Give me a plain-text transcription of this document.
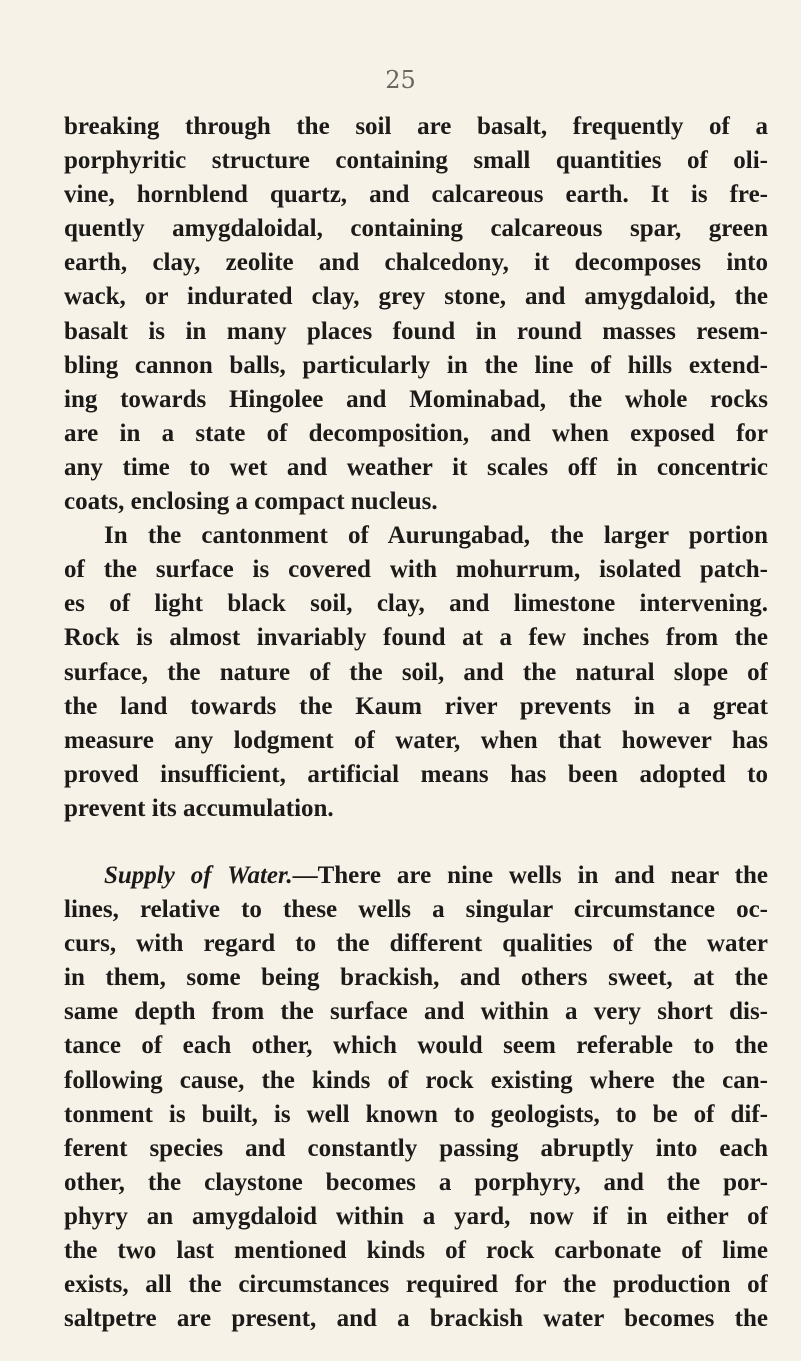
25
breaking through the soil are basalt, frequently of a
porphyritic structure containing small quantities of oli-
vine, hornblend quartz, and calcareous earth. It is fre-
quently amygdaloidal, containing calcareous spar, green
earth, clay, zeolite and chalcedony, it decomposes into
wack, or indurated clay, grey stone, and amygdaloid, the
basalt is in many places found in round masses resem-
bling cannon balls, particularly in the line of hills extend-
ing towards Hingolee and Mominabad, the whole rocks
are in a state of decomposition, and when exposed for
any time to wet and weather it scales off in concentric
coats, enclosing a compact nucleus.
In the cantonment of Aurungabad, the larger portion
of the surface is covered with mohurrum, isolated patch-
es of light black soil, clay, and limestone intervening.
Rock is almost invariably found at a few inches from the
surface, the nature of the soil, and the natural slope of
the land towards the Kaum river prevents in a great
measure any lodgment of water, when that however has
proved insufficient, artificial means has been adopted to
prevent its accumulation.
Supply of Water.—There are nine wells in and near the
lines, relative to these wells a singular circumstance oc-
curs, with regard to the different qualities of the water
in them, some being brackish, and others sweet, at the
same depth from the surface and within a very short dis-
tance of each other, which would seem referable to the
following cause, the kinds of rock existing where the can-
tonment is built, is well known to geologists, to be of dif-
ferent species and constantly passing abruptly into each
other, the claystone becomes a porphyry, and the por-
phyry an amygdaloid within a yard, now if in either of
the two last mentioned kinds of rock carbonate of lime
exists, all the circumstances required for the production of
saltpetre are present, and a brackish water becomes the
